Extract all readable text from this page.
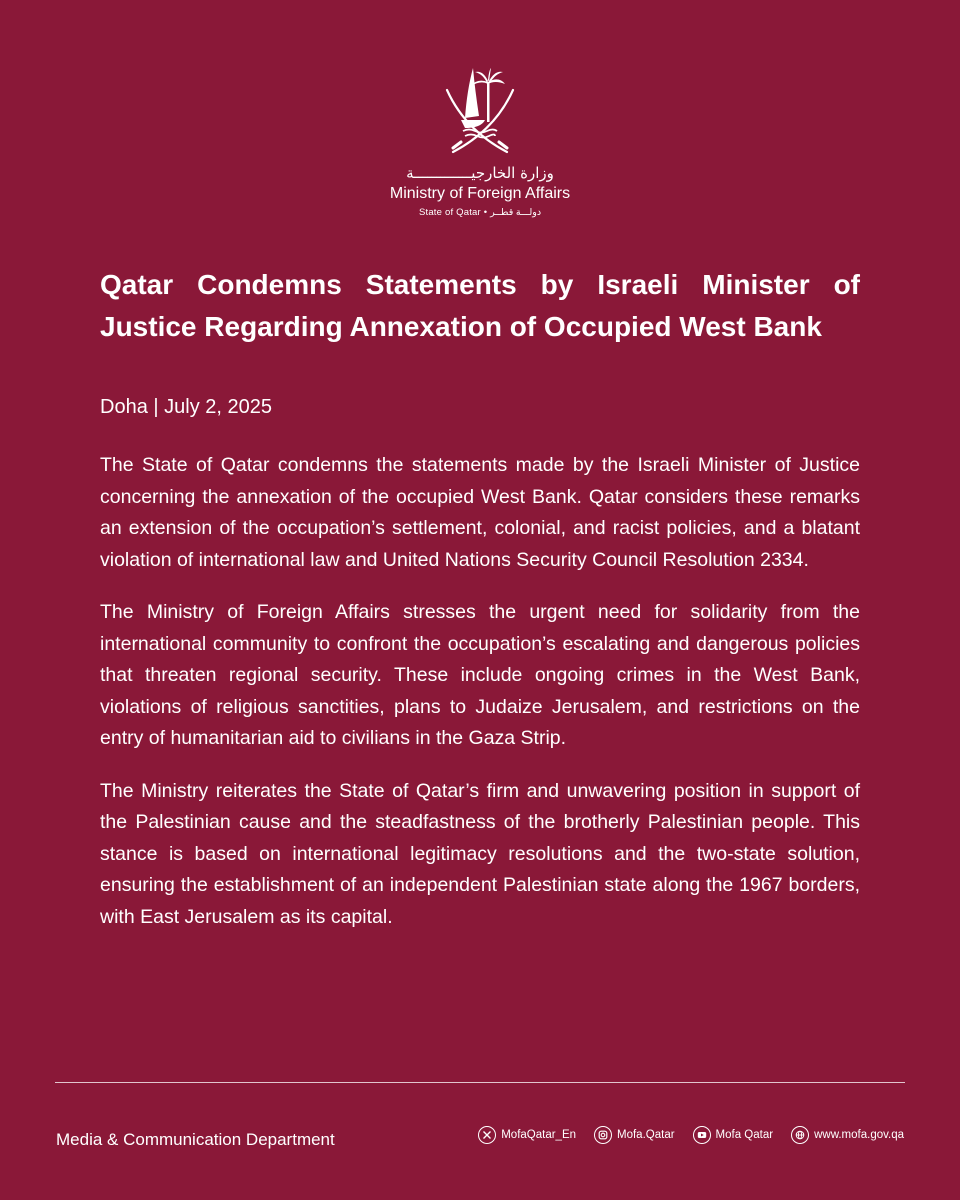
وزارة الخارجيـــــــــــــة
Ministry of Foreign Affairs
State of Qatar • دولـــة قطــر
Qatar Condemns Statements by Israeli Minister of Justice Regarding Annexation of Occupied West Bank
Doha | July 2, 2025

The State of Qatar condemns the statements made by the Israeli Minister of Justice concerning the annexation of the occupied West Bank. Qatar considers these remarks an extension of the occupation’s settlement, colonial, and racist policies, and a blatant violation of international law and United Nations Security Council Resolution 2334.

The Ministry of Foreign Affairs stresses the urgent need for solidarity from the international community to confront the occupation’s escalating and dangerous policies that threaten regional security. These include ongoing crimes in the West Bank, violations of religious sanctities, plans to Judaize Jerusalem, and restrictions on the entry of humanitarian aid to civilians in the Gaza Strip.

The Ministry reiterates the State of Qatar’s firm and unwavering position in support of the Palestinian cause and the steadfastness of the brotherly Palestinian people. This stance is based on international legitimacy resolutions and the two-state solution, ensuring the establishment of an independent Palestinian state along the 1967 borders, with East Jerusalem as its capital.

Media & Communication Department	MofaQatar_En	Mofa.Qatar	Mofa Qatar	www.mofa.gov.qa
